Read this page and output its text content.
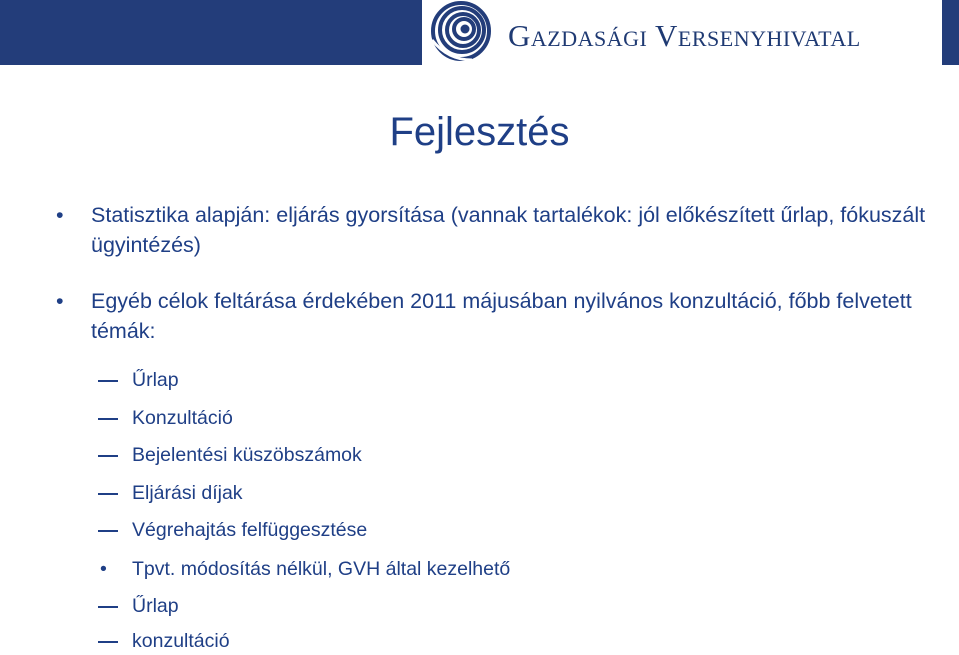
Gazdasági Versenyhivatal
Fejlesztés
• Statisztika alapján: eljárás gyorsítása (vannak tartalékok: jól előkészített űrlap, fókuszált ügyintézés)
• Egyéb célok feltárása érdekében 2011 májusában nyilvános konzultáció, főbb felvetett témák:
Űrlap
Konzultáció
Bejelentési küszöbszámok
Eljárási díjak
Végrehajtás felfüggesztése
• Tpvt. módosítás nélkül, GVH által kezelhető
Űrlap
konzultáció
